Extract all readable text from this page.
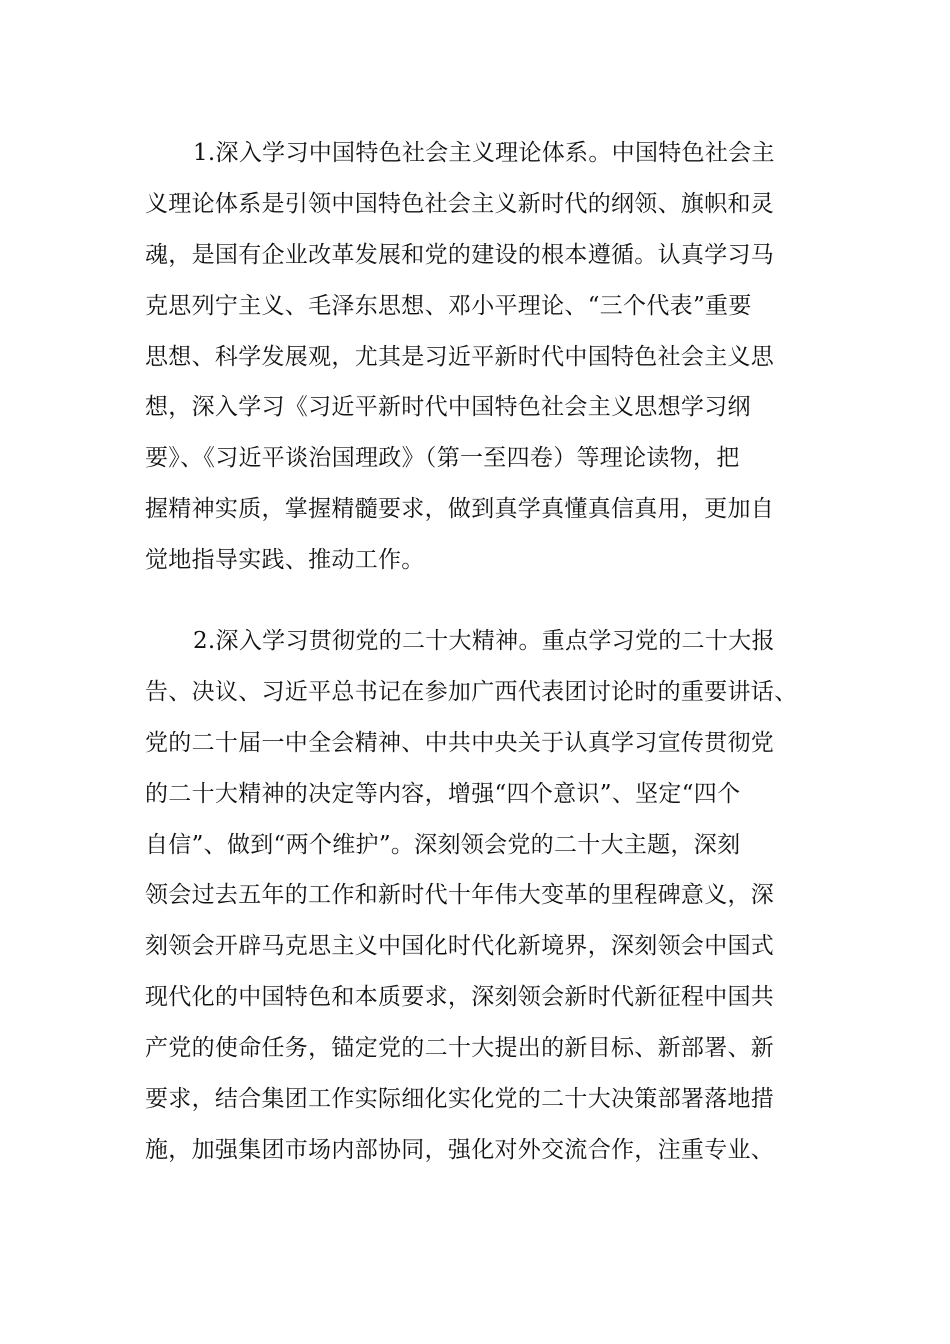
1.深入学习中国特色社会主义理论体系。中国特色社会主
义理论体系是引领中国特色社会主义新时代的纲领、旗帜和灵
魂，是国有企业改革发展和党的建设的根本遵循。认真学习马
克思列宁主义、毛泽东思想、邓小平理论、“三个代表”重要
思想、科学发展观，尤其是习近平新时代中国特色社会主义思
想，深入学习《习近平新时代中国特色社会主义思想学习纲
要》、《习近平谈治国理政》（第一至四卷）等理论读物，把
握精神实质，掌握精髓要求，做到真学真懂真信真用，更加自
觉地指导实践、推动工作。
2.深入学习贯彻党的二十大精神。重点学习党的二十大报
告、决议、习近平总书记在参加广西代表团讨论时的重要讲话、
党的二十届一中全会精神、中共中央关于认真学习宣传贯彻党
的二十大精神的决定等内容，增强“四个意识”、坚定“四个
自信”、做到“两个维护”。深刻领会党的二十大主题，深刻
领会过去五年的工作和新时代十年伟大变革的里程碑意义，深
刻领会开辟马克思主义中国化时代化新境界，深刻领会中国式
现代化的中国特色和本质要求，深刻领会新时代新征程中国共
产党的使命任务，锚定党的二十大提出的新目标、新部署、新
要求，结合集团工作实际细化实化党的二十大决策部署落地措
施，加强集团市场内部协同，强化对外交流合作，注重专业、
